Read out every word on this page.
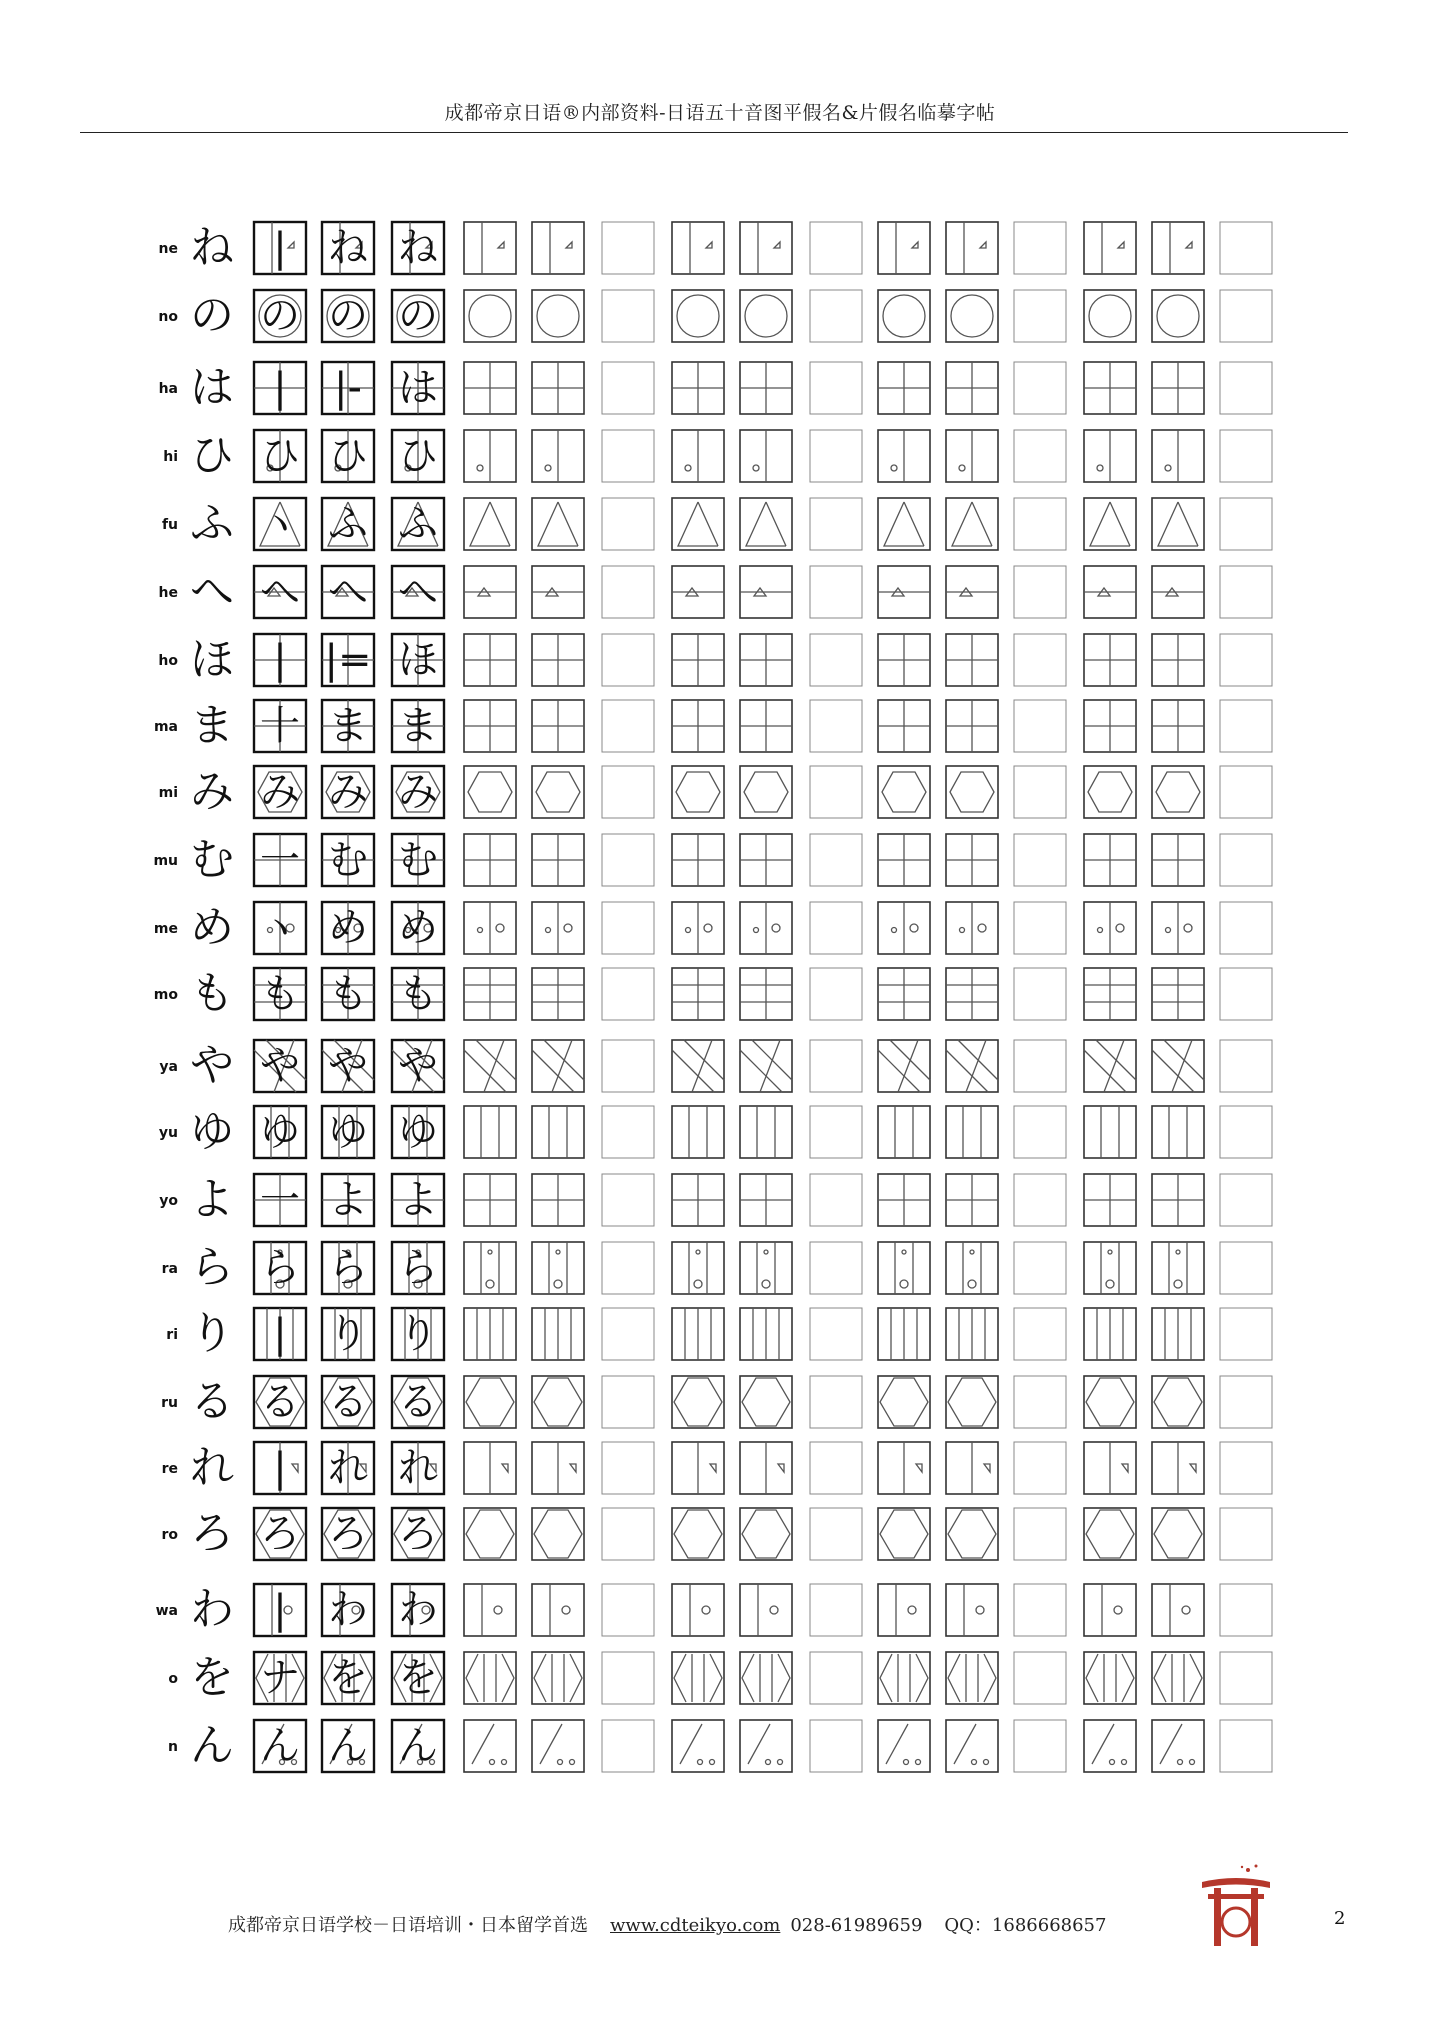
成都帝京日语®内部资料-日语五十音图平假名&片假名临摹字帖
ne ね |	ね ね
no の の の の
ha は |	|- は
hi ひ ひ ひ ひ
fu ふ ヽ ふ ふ
he へ へ へ へ
ho ほ | |= ほ
ma ま 十 ま ま
mi み み み み
mu む 一 む む
me め ヽ め め
mo も も も も
ya や や や や
yu ゆ ゆ ゆ ゆ
yo よ 一 よ よ
ra ら ら ら ら
ri り |	り り
ru る る る る
re れ |	れ れ
ro ろ ろ ろ ろ
wa わ |	わ わ
o を ナ を を
n ん ん ん ん
成都帝京日语学校－日语培训・日本留学首选 www.cdteikyo.com 028-61989659 QQ：1686668657	2
